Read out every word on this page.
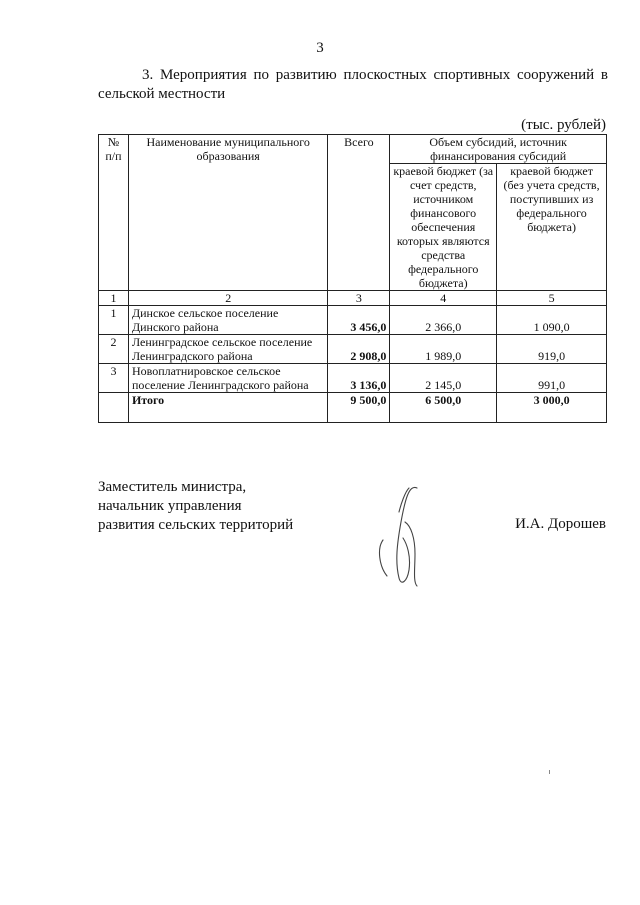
3
3. Мероприятия по развитию плоскостных спортивных сооружений в
сельской местности
(тыс. рублей)
№ п/п	Наименование муниципального образования	Всего	Объем субсидий, источник финансирования субсидий	
			краевой бюджет (за счет средств, источником финансового обеспечения которых являются средства федерального бюджета)	краевой бюджет (без учета средств, поступивших из федерального бюджета)
1	2	3	4	5
1	Динское сельское поселение Динского района	3 456,0	2 366,0	1 090,0
2	Ленинградское сельское поселение Ленинградского района	2 908,0	1 989,0	919,0
3	Новоплатнировское сельское поселение Ленинградского района	3 136,0	2 145,0	991,0
	Итого	9 500,0	6 500,0	3 000,0
Заместитель министра,
начальник управления
развития сельских территорий	И.А. Дорошев
